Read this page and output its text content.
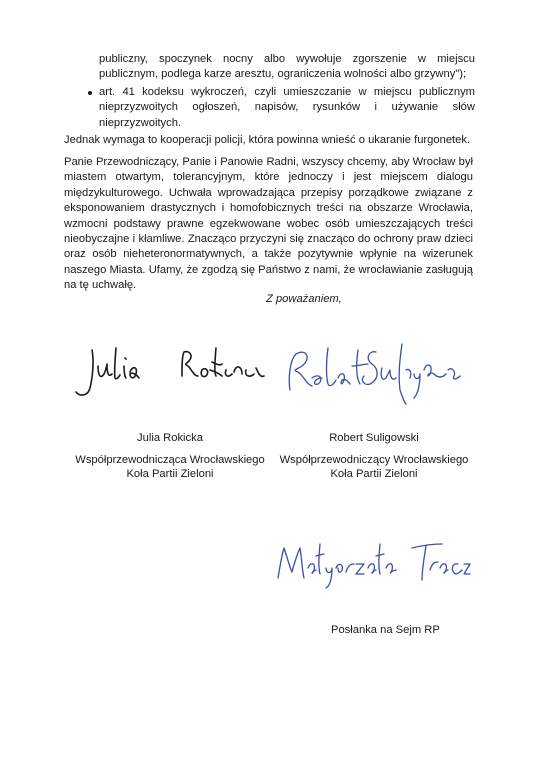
publiczny, spoczynek nocny albo wywołuje zgorszenie w miejscu publicznym, podlega karze aresztu, ograniczenia wolności albo grzywny");

art. 41 kodeksu wykroczeń, czyli umieszczanie w miejscu publicznym nieprzyzwoitych ogłoszeń, napisów, rysunków i używanie słów nieprzyzwoitych.

Jednak wymaga to kooperacji policji, która powinna wnieść o ukaranie furgonetek.

Panie Przewodniczący, Panie i Panowie Radni, wszyscy chcemy, aby Wrocław był miastem otwartym, tolerancyjnym, które jednoczy i jest miejscem dialogu międzykulturowego. Uchwała wprowadzająca przepisy porządkowe związane z eksponowaniem drastycznych i homofobicznych treści na obszarze Wrocławia, wzmocni podstawy prawne egzekwowane wobec osób umieszczających treści nieobyczajne i kłamliwe. Znacząco przyczyni się znacząco do ochrony praw dzieci oraz osób nieheteronormatywnych, a także pozytywnie wpłynie na wizerunek naszego Miasta. Ufamy, że zgodzą się Państwo z nami, że wrocławianie zasługują na tę uchwałę.

Z poważaniem,

Julia Rokicka

Współprzewodnicząca Wrocławskiego

Koła Partii Zieloni

Robert Suligowski

Współprzewodniczący Wrocławskiego

Koła Partii Zieloni

Posłanka na Sejm RP
